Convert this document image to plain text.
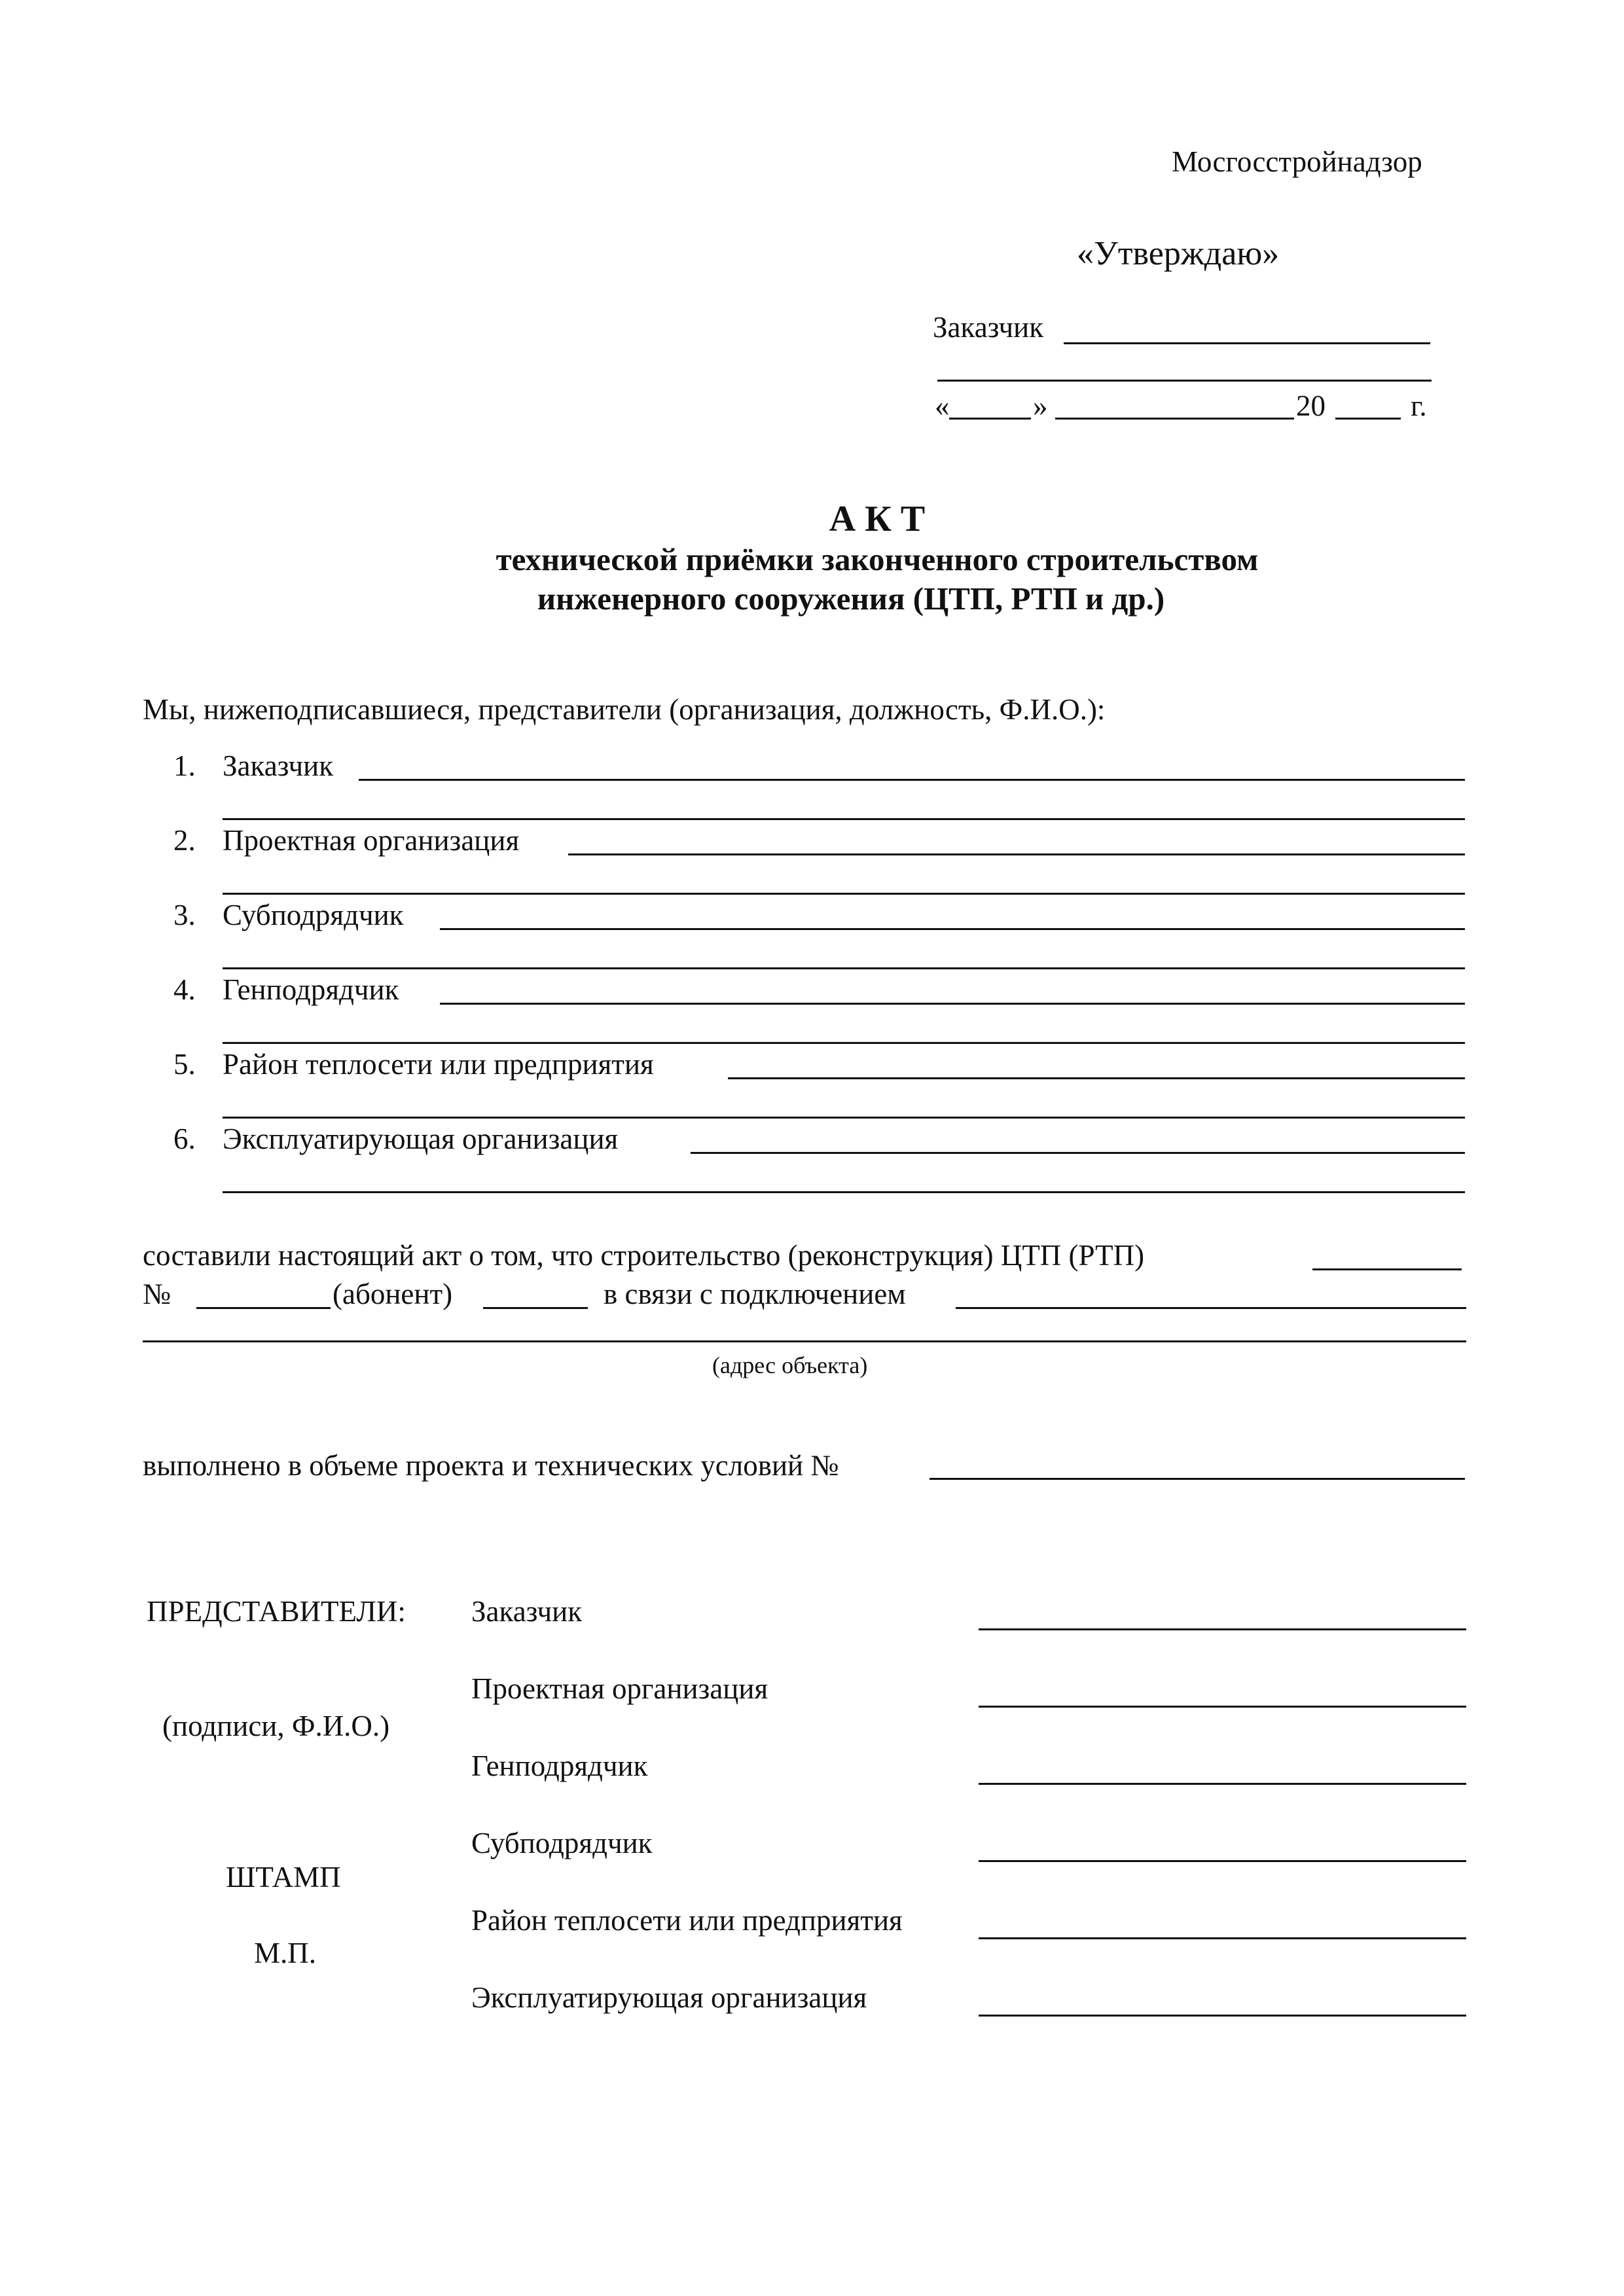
Мосгосстройнадзор
«Утверждаю»
Заказчик
«	»	20	г.
А К Т
технической приёмки законченного строительством
инженерного сооружения (ЦТП, РТП и др.)
Мы, нижеподписавшиеся, представители (организация, должность, Ф.И.О.):
1. Заказчик
2. Проектная организация
3. Субподрядчик
4. Генподрядчик
5. Район теплосети или предприятия
6. Эксплуатирующая организация
составили настоящий акт о том, что строительство (реконструкция) ЦТП (РТП)
№	(абонент)	в связи с подключением
(адрес объекта)
выполнено в объеме проекта и технических условий №
ПРЕДСТАВИТЕЛИ:
(подписи, Ф.И.О.)
ШТАМП
М.П.
Заказчик
Проектная организация
Генподрядчик
Субподрядчик
Район теплосети или предприятия
Эксплуатирующая организация
